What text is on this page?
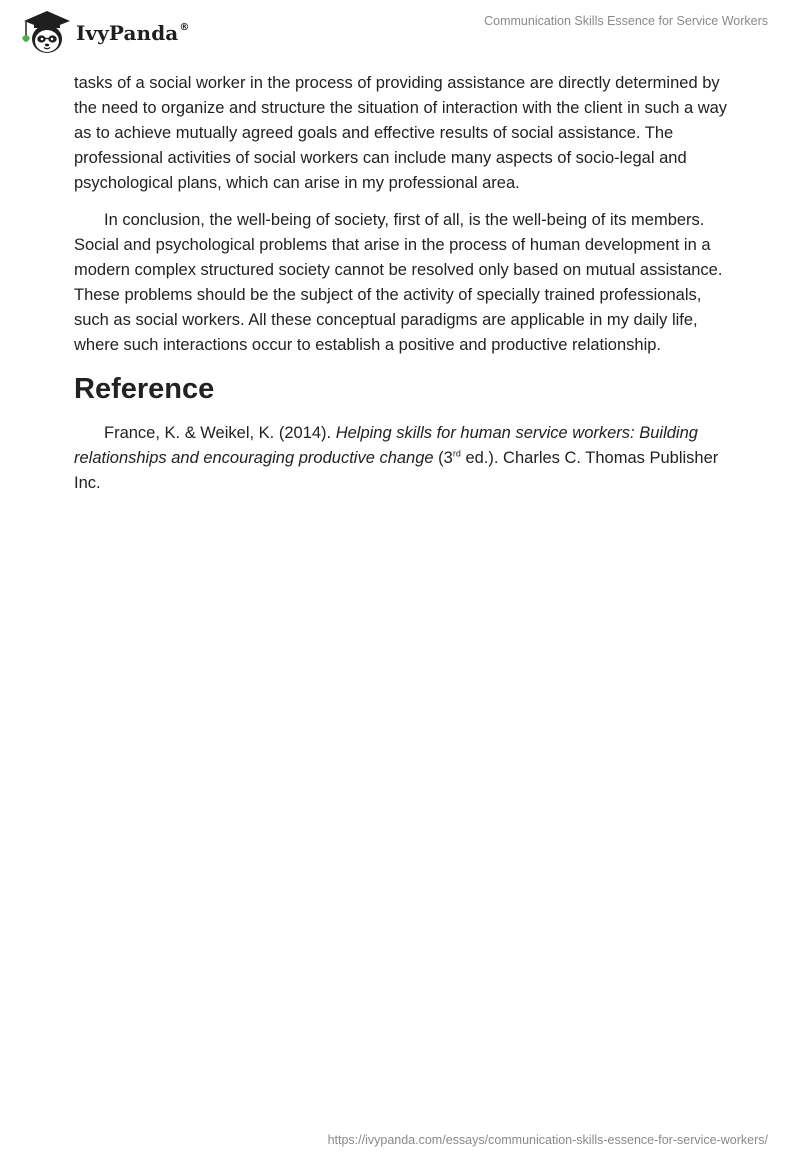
IvyPanda®	Communication Skills Essence for Service Workers

tasks of a social worker in the process of providing assistance are directly determined by the need to organize and structure the situation of interaction with the client in such a way as to achieve mutually agreed goals and effective results of social assistance. The professional activities of social workers can include many aspects of socio-legal and psychological plans, which can arise in my professional area.

In conclusion, the well-being of society, first of all, is the well-being of its members. Social and psychological problems that arise in the process of human development in a modern complex structured society cannot be resolved only based on mutual assistance. These problems should be the subject of the activity of specially trained professionals, such as social workers. All these conceptual paradigms are applicable in my daily life, where such interactions occur to establish a positive and productive relationship.

Reference

France, K. & Weikel, K. (2014). Helping skills for human service workers: Building relationships and encouraging productive change (3rd ed.). Charles C. Thomas Publisher Inc.

https://ivypanda.com/essays/communication-skills-essence-for-service-workers/
